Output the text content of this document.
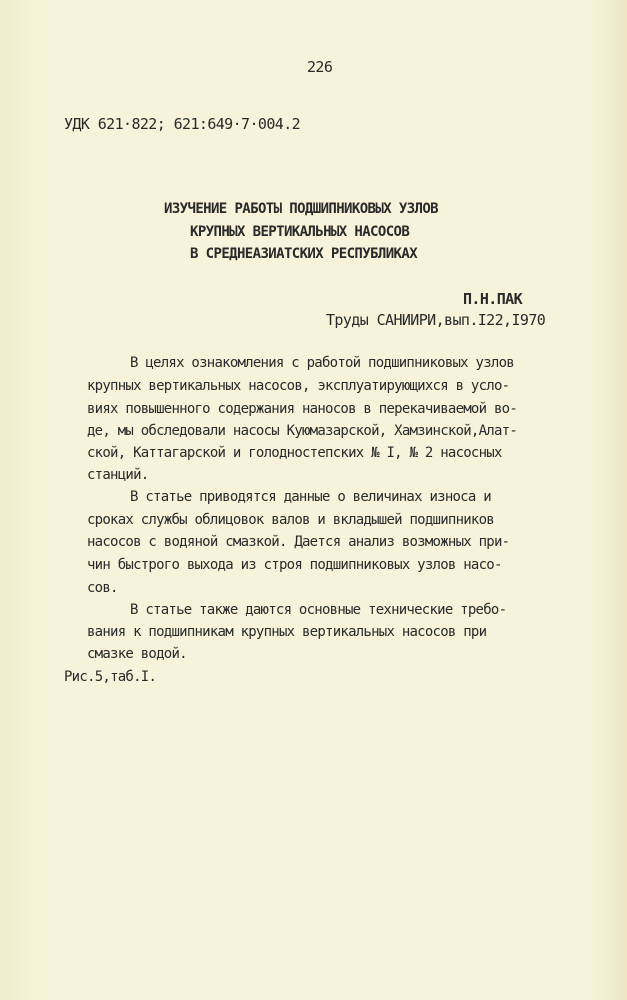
226
УДК 621·822; 621:649·7·004.2
ИЗУЧЕНИЕ РАБОТЫ ПОДШИПНИКОВЫХ УЗЛОВ
КРУПНЫХ ВЕРТИКАЛЬНЫХ НАСОСОВ
В СРЕДНЕАЗИАТСКИХ РЕСПУБЛИКАХ
П.Н.ПАК
Труды САНИИРИ,вып.I22,I970
В целях ознакомления с работой подшипниковых узлов
крупных вертикальных насосов, эксплуатирующихся в усло-
виях повышенного содержания наносов в перекачиваемой во-
де, мы обследовали насосы Куюмазарской, Хамзинской,Алат-
ской, Каттагарской и голодностепских № I, № 2 насосных
станций.
В статье приводятся данные о величинах износа и
сроках службы облицовок валов и вкладышей подшипников
насосов с водяной смазкой. Дается анализ возможных при-
чин быстрого выхода из строя подшипниковых узлов насо-
сов.
В статье также даются основные технические требо-
вания к подшипникам крупных вертикальных насосов при
смазке водой.
Рис.5,таб.I.
